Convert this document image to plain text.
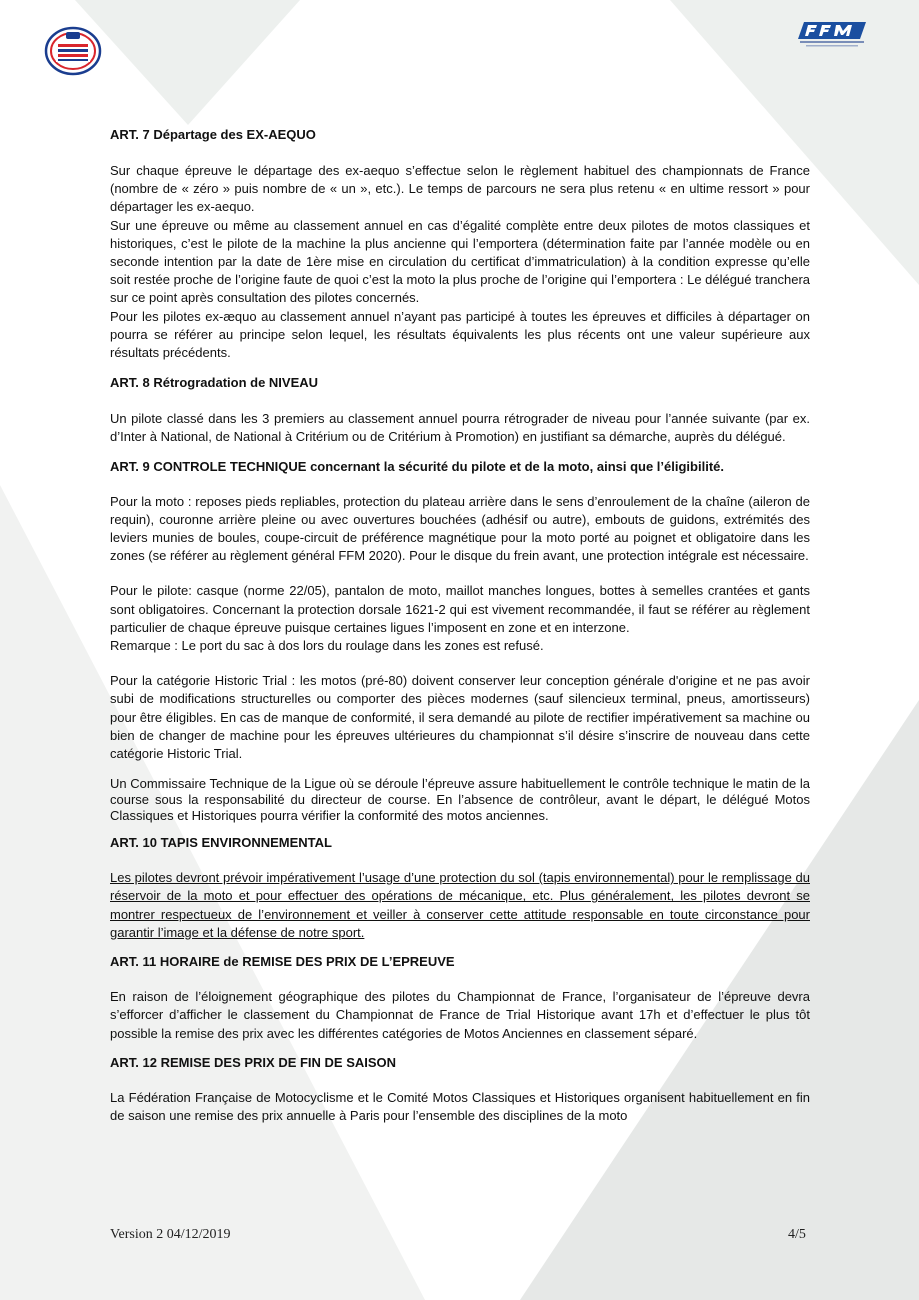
ART. 7 Départage des EX-AEQUO

Sur chaque épreuve le départage des ex-aequo s’effectue selon le règlement habituel des championnats de France (nombre de « zéro » puis nombre de « un », etc.). Le temps de parcours ne sera plus retenu « en ultime ressort » pour départager les ex-aequo.

Sur une épreuve ou même au classement annuel en cas d’égalité complète entre deux pilotes de motos classiques et historiques, c’est le pilote de la machine la plus ancienne qui l’emportera (détermination faite par l’année modèle ou en seconde intention par la date de 1ère mise en circulation du certificat d’immatriculation) à la condition expresse qu’elle soit restée proche de l’origine faute de quoi c’est la moto la plus proche de l’origine qui l’emportera : Le délégué tranchera sur ce point après consultation des pilotes concernés.

Pour les pilotes ex-æquo au classement annuel n’ayant pas participé à toutes les épreuves et difficiles à départager on pourra se référer au principe selon lequel, les résultats équivalents les plus récents ont une valeur supérieure aux résultats précédents.

ART. 8 Rétrogradation de NIVEAU

Un pilote classé dans les 3 premiers au classement annuel pourra rétrograder de niveau pour l’année suivante (par ex. d’Inter à National, de National à Critérium ou de Critérium à Promotion) en justifiant sa démarche, auprès du délégué.

ART. 9 CONTROLE TECHNIQUE concernant la sécurité du pilote et de la moto, ainsi que l’éligibilité.

Pour la moto : reposes pieds repliables, protection du plateau arrière dans le sens d’enroulement de la chaîne (aileron de requin), couronne arrière pleine ou avec ouvertures bouchées (adhésif ou autre), embouts de guidons, extrémités des leviers munies de boules, coupe-circuit de préférence magnétique pour la moto porté au poignet et obligatoire dans les zones (se référer au règlement général FFM 2020). Pour le disque du frein avant, une protection intégrale est nécessaire.

Pour le pilote: casque (norme 22/05), pantalon de moto, maillot manches longues, bottes à semelles crantées et gants sont obligatoires. Concernant la protection dorsale 1621-2 qui est vivement recommandée, il faut se référer au règlement particulier de chaque épreuve puisque certaines ligues l’imposent en zone et en interzone.

Remarque : Le port du sac à dos lors du roulage dans les zones est refusé.

Pour la catégorie Historic Trial : les motos (pré-80) doivent conserver leur conception générale d'origine et ne pas avoir subi de modifications structurelles ou comporter des pièces modernes (sauf silencieux terminal, pneus, amortisseurs) pour être éligibles. En cas de manque de conformité, il sera demandé au pilote de rectifier impérativement sa machine ou bien de changer de machine pour les épreuves ultérieures du championnat s’il désire s’inscrire de nouveau dans cette catégorie Historic Trial.

Un Commissaire Technique de la Ligue où se déroule l’épreuve assure habituellement le contrôle technique le matin de la course sous la responsabilité du directeur de course. En l’absence de contrôleur, avant le départ, le délégué Motos Classiques et Historiques pourra vérifier la conformité des motos anciennes.

ART. 10 TAPIS ENVIRONNEMENTAL

Les pilotes devront prévoir impérativement l’usage d’une protection du sol (tapis environnemental) pour le remplissage du réservoir de la moto et pour effectuer des opérations de mécanique, etc. Plus généralement, les pilotes devront se montrer respectueux de l’environnement et veiller à conserver cette attitude responsable en toute circonstance pour garantir l’image et la défense de notre sport.

ART. 11 HORAIRE de REMISE DES PRIX DE L’EPREUVE

En raison de l’éloignement géographique des pilotes du Championnat de France, l’organisateur de l’épreuve devra s’efforcer d’afficher le classement du Championnat de France de Trial Historique avant 17h et d’effectuer le plus tôt possible la remise des prix avec les différentes catégories de Motos Anciennes en classement séparé.

ART. 12 REMISE DES PRIX DE FIN DE SAISON

La Fédération Française de Motocyclisme et le Comité Motos Classiques et Historiques organisent habituellement en fin de saison une remise des prix annuelle à Paris pour l’ensemble des disciplines de la moto

Version 2 04/12/2019	4/5
